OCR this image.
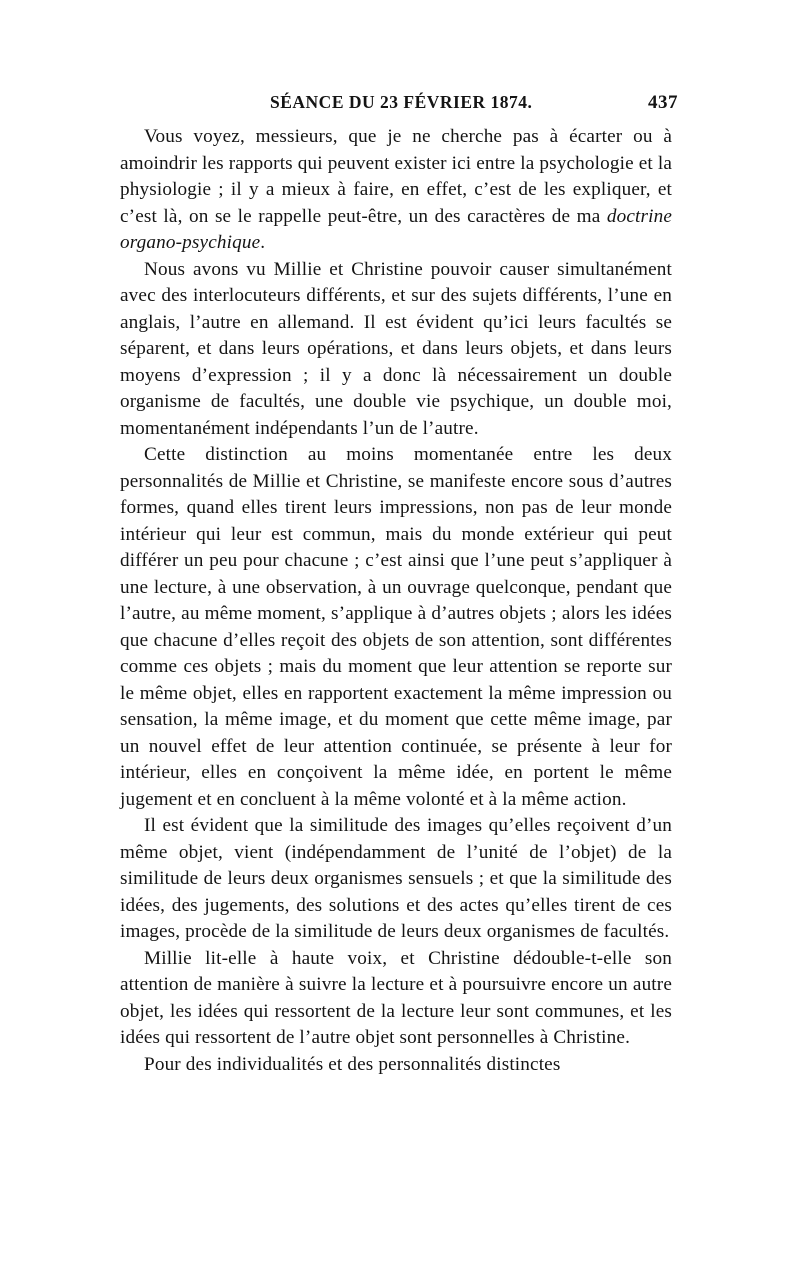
SÉANCE DU 23 FÉVRIER 1874.	437

Vous voyez, messieurs, que je ne cherche pas à écarter ou à amoindrir les rapports qui peuvent exister ici entre la psychologie et la physiologie ; il y a mieux à faire, en effet, c’est de les expliquer, et c’est là, on se le rappelle peut-être, un des caractères de ma doctrine organo-psychique.

Nous avons vu Millie et Christine pouvoir causer simultanément avec des interlocuteurs différents, et sur des sujets différents, l’une en anglais, l’autre en allemand. Il est évident qu’ici leurs facultés se séparent, et dans leurs opérations, et dans leurs objets, et dans leurs moyens d’expression ; il y a donc là nécessairement un double organisme de facultés, une double vie psychique, un double moi, momentanément indépendants l’un de l’autre.

Cette distinction au moins momentanée entre les deux personnalités de Millie et Christine, se manifeste encore sous d’autres formes, quand elles tirent leurs impressions, non pas de leur monde intérieur qui leur est commun, mais du monde extérieur qui peut différer un peu pour chacune ; c’est ainsi que l’une peut s’appliquer à une lecture, à une observation, à un ouvrage quelconque, pendant que l’autre, au même moment, s’applique à d’autres objets ; alors les idées que chacune d’elles reçoit des objets de son attention, sont différentes comme ces objets ; mais du moment que leur attention se reporte sur le même objet, elles en rapportent exactement la même impression ou sensation, la même image, et du moment que cette même image, par un nouvel effet de leur attention continuée, se présente à leur for intérieur, elles en conçoivent la même idée, en portent le même jugement et en concluent à la même volonté et à la même action.

Il est évident que la similitude des images qu’elles reçoivent d’un même objet, vient (indépendamment de l’unité de l’objet) de la similitude de leurs deux organismes sensuels ; et que la similitude des idées, des jugements, des solutions et des actes qu’elles tirent de ces images, procède de la similitude de leurs deux organismes de facultés.

Millie lit-elle à haute voix, et Christine dédouble-t-elle son attention de manière à suivre la lecture et à poursuivre encore un autre objet, les idées qui ressortent de la lecture leur sont communes, et les idées qui ressortent de l’autre objet sont personnelles à Christine.

Pour des individualités et des personnalités distinctes
